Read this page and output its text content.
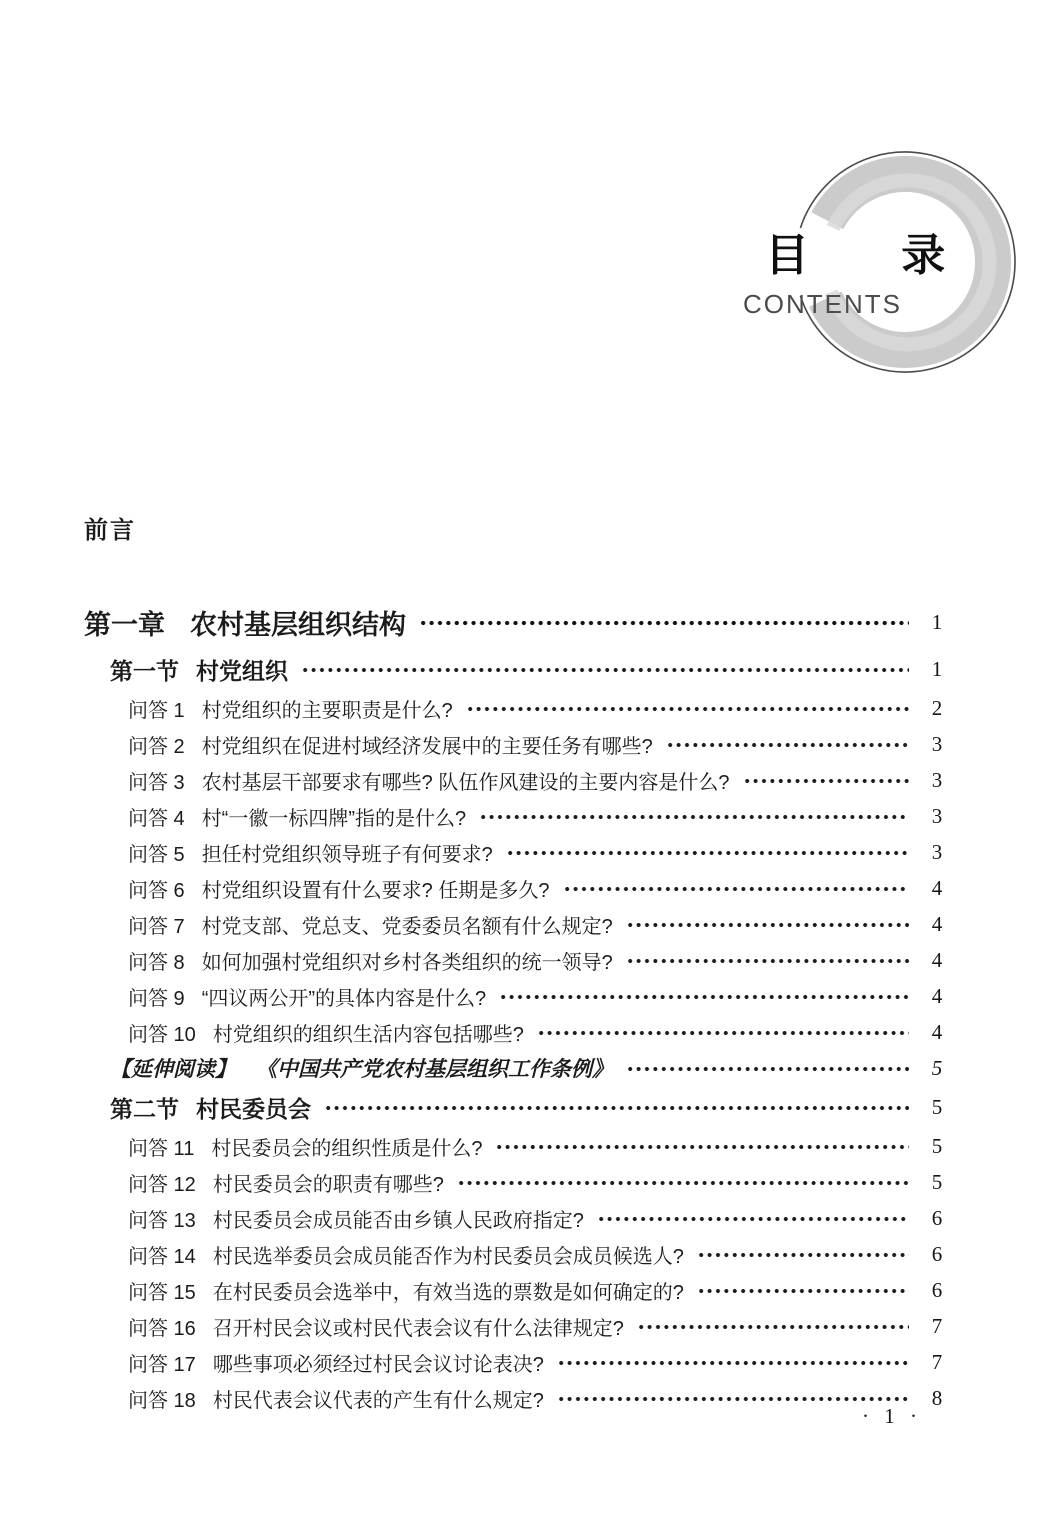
目 录
CONTENTS
前言
第一章 农村基层组织结构	1
第一节 村党组织	1
问答 1 村党组织的主要职责是什么?	2
问答 2 村党组织在促进村域经济发展中的主要任务有哪些?	3
问答 3 农村基层干部要求有哪些? 队伍作风建设的主要内容是什么?	3
问答 4 村“一徽一标四牌”指的是什么?	3
问答 5 担任村党组织领导班子有何要求?	3
问答 6 村党组织设置有什么要求? 任期是多久?	4
问答 7 村党支部、党总支、党委委员名额有什么规定?	4
问答 8 如何加强村党组织对乡村各类组织的统一领导?	4
问答 9 “四议两公开”的具体内容是什么?	4
问答 10 村党组织的组织生活内容包括哪些?	4
【延伸阅读】 《中国共产党农村基层组织工作条例》	5
第二节 村民委员会	5
问答 11 村民委员会的组织性质是什么?	5
问答 12 村民委员会的职责有哪些?	5
问答 13 村民委员会成员能否由乡镇人民政府指定?	6
问答 14 村民选举委员会成员能否作为村民委员会成员候选人?	6
问答 15 在村民委员会选举中，有效当选的票数是如何确定的?	6
问答 16 召开村民会议或村民代表会议有什么法律规定?	7
问答 17 哪些事项必须经过村民会议讨论表决?	7
问答 18 村民代表会议代表的产生有什么规定?	8
· 1 ·
